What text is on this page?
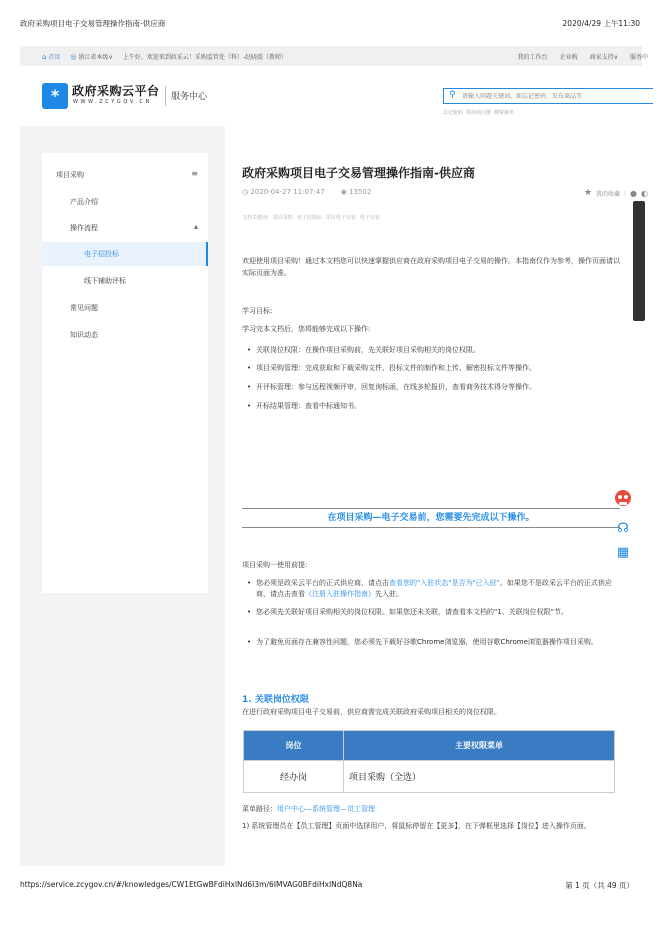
政府采购项目电子交易管理操作指南-供应商	2020/4/29 上午11:30
⌂ 首页 ◎ 浙江省本级∨ 上午好，欢迎来到政采云！采购监管处（科）-赵晓霞（教师）	我的工作台 企业购 商家支持∨ 服务中
*	政府采购云平台
WWW.ZCYGOV.CN 服务中心	⚲
请输入问题关键词，如忘记密码，发布商品等
忘记密码 供应商注册 物资报名
项目采购	≡
产品介绍
操作流程	▴
电子招投标
线下辅助评标
常见问题
知识动态
政府采购项目电子交易管理操作指南-供应商
◷ 2020-04-27 11:07:47 ◉ 13502	★ 我的收藏 | ● ◐
文档关键词: 项目采购 电子招投标 项目电子交易 电子交易
欢迎使用项目采购！通过本文档您可以快速掌握供应商在政府采购项目电子交易的操作。本指南仅作为参考，操作页面请以实际页面为准。
学习目标:
学习完本文档后，您将能够完成以下操作:
• 关联岗位权限：在操作项目采购前，先关联好项目采购相关的岗位权限。
• 项目采购管理：完成获取和下载采购文件、投标文件的制作和上传、解密投标文件等操作。
• 开评标管理：参与远程视频评审，回复询标函，在线多轮报价，查看商务技术得分等操作。
• 开标结果管理：查看中标通知书。
在项目采购—电子交易前，您需要先完成以下操作。
项目采购一使用前提:
• 您必须是政采云平台的正式供应商，请点击查看您的"入驻状态"是否为"已入驻"。如果您不是政采云平台的正式供应商，请点击查看《注册入驻操作指南》先入驻。
• 您必须先关联好项目采购相关的岗位权限。如果您还未关联，请查看本文档的"1、关联岗位权限"节。
• 为了避免页面存在兼容性问题，您必须先下载好谷歌Chrome浏览器，使用谷歌Chrome浏览器操作项目采购。
1. 关联岗位权限
在进行政府采购项目电子交易前，供应商需完成关联政府采购项目相关的岗位权限。
岗位	主要权限菜单
经办岗	项目采购（全选）
菜单路径：用户中心—系统管理—员工管理
1) 系统管理员在【员工管理】页面中选择用户，将鼠标停留在【更多】，在下弹框里选择【岗位】进入操作页面。
☊
▦
https://service.zcygov.cn/#/knowledges/CW1EtGwBFdiHxlNd6I3m/6IMVAG0BFdiHxlNdQ8Na	第 1 页（共 49 页）
